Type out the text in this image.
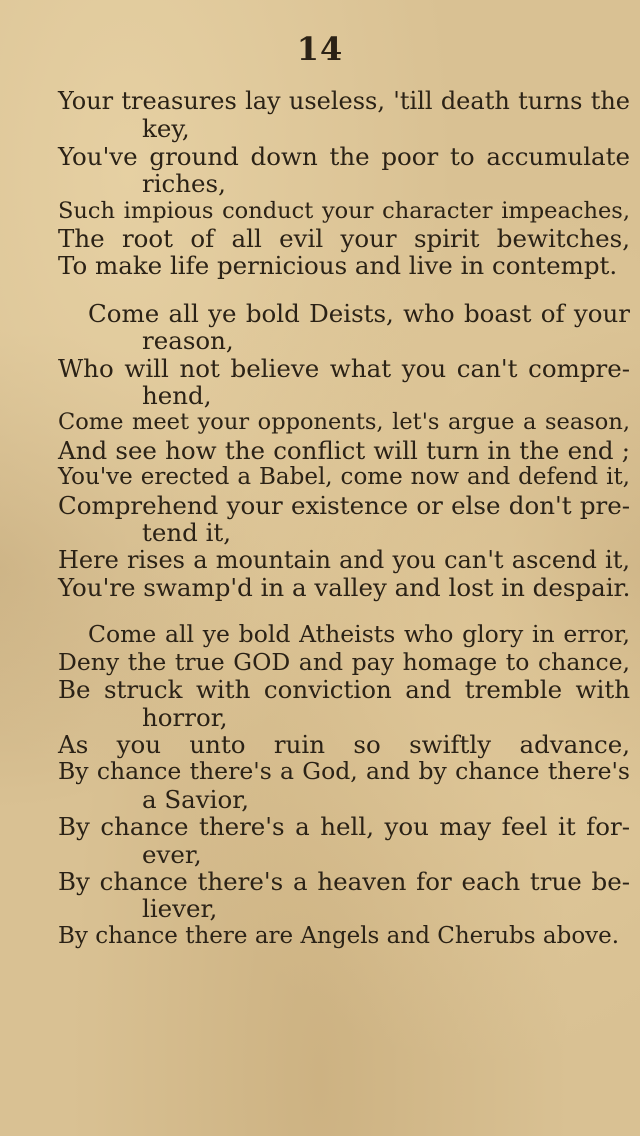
14
Your treasures lay useless, 'till death turns the
key,
You've ground down the poor to accumulate
riches,
Such impious conduct your character impeaches,
The root of all evil your spirit bewitches,
To make life pernicious and live in contempt.
Come all ye bold Deists, who boast of your
reason,
Who will not believe what you can't compre-
hend,
Come meet your opponents, let's argue a season,
And see how the conflict will turn in the end ;
You've erected a Babel, come now and defend it,
Comprehend your existence or else don't pre-
tend it,
Here rises a mountain and you can't ascend it,
You're swamp'd in a valley and lost in despair.
Come all ye bold Atheists who glory in error,
Deny the true GOD and pay homage to chance,
Be struck with conviction and tremble with
horror,
As you unto ruin so swiftly advance,
By chance there's a God, and by chance there's
a Savior,
By chance there's a hell, you may feel it for-
ever,
By chance there's a heaven for each true be-
liever,
By chance there are Angels and Cherubs above.
